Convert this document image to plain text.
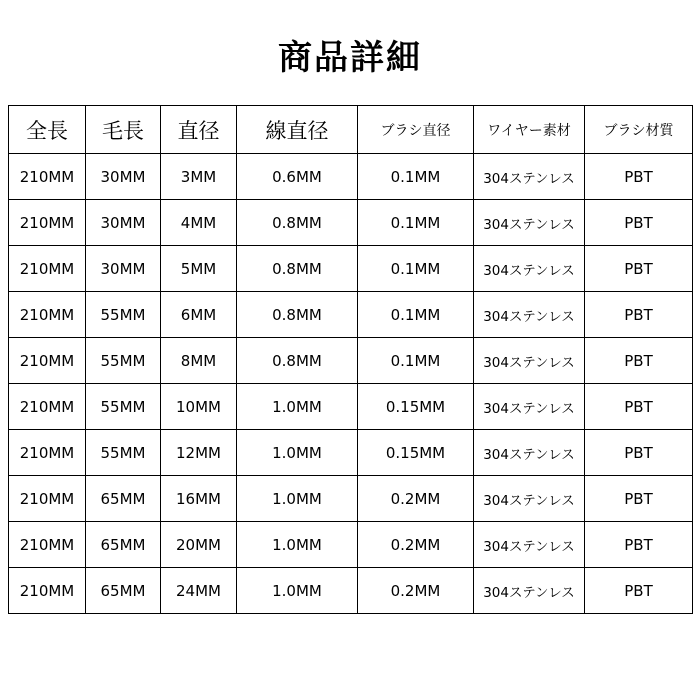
商品詳細
全長	毛長	直径	線直径	ブラシ直径	ワイヤー素材	ブラシ材質
210MM	30MM	3MM	0.6MM	0.1MM	304ステンレス	PBT
210MM	30MM	4MM	0.8MM	0.1MM	304ステンレス	PBT
210MM	30MM	5MM	0.8MM	0.1MM	304ステンレス	PBT
210MM	55MM	6MM	0.8MM	0.1MM	304ステンレス	PBT
210MM	55MM	8MM	0.8MM	0.1MM	304ステンレス	PBT
210MM	55MM	10MM	1.0MM	0.15MM	304ステンレス	PBT
210MM	55MM	12MM	1.0MM	0.15MM	304ステンレス	PBT
210MM	65MM	16MM	1.0MM	0.2MM	304ステンレス	PBT
210MM	65MM	20MM	1.0MM	0.2MM	304ステンレス	PBT
210MM	65MM	24MM	1.0MM	0.2MM	304ステンレス	PBT
